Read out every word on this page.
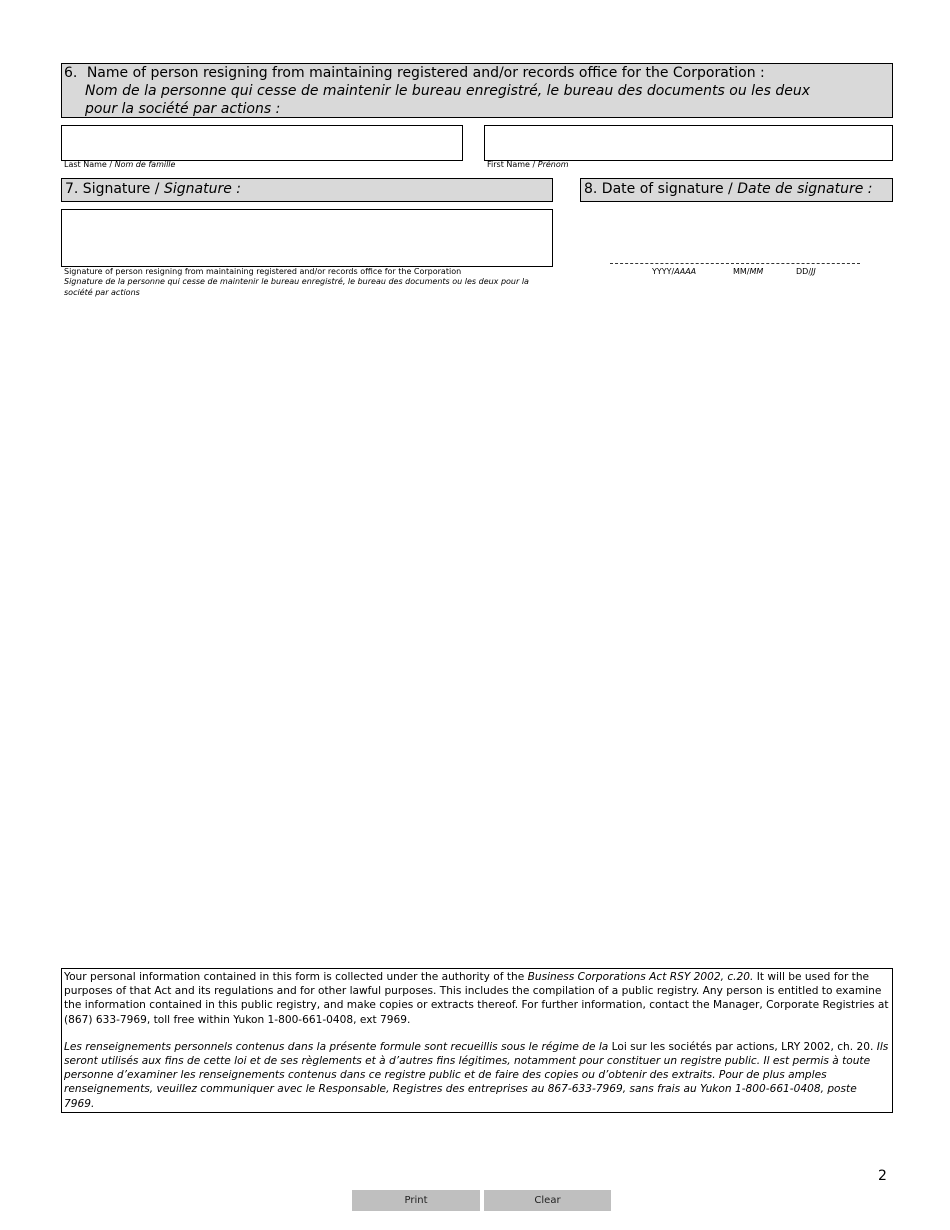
6. Name of person resigning from maintaining registered and/or records office for the Corporation :
Nom de la personne qui cesse de maintenir le bureau enregistré, le bureau des documents ou les deux
pour la société par actions :
Last Name / Nom de famille	First Name / Prénom
7. Signature / Signature :
Signature of person resigning from maintaining registered and/or records office for the Corporation
Signature de la personne qui cesse de maintenir le bureau enregistré, le bureau des documents ou les deux pour la
société par actions
8. Date of signature / Date de signature :
YYYY/AAAA	MM/MM	DD/JJ

Your personal information contained in this form is collected under the authority of the Business Corporations Act RSY 2002, c.20. It will be used for the purposes of that Act and its regulations and for other lawful purposes. This includes the compilation of a public registry. Any person is entitled to examine the information contained in this public registry, and make copies or extracts thereof. For further information, contact the Manager, Corporate Registries at (867) 633-7969, toll free within Yukon 1-800-661-0408, ext 7969.

Les renseignements personnels contenus dans la présente formule sont recueillis sous le régime de la Loi sur les sociétés par actions, LRY 2002, ch. 20. Ils seront utilisés aux fins de cette loi et de ses règlements et à d’autres fins légitimes, notamment pour constituer un registre public. Il est permis à toute personne d’examiner les renseignements contenus dans ce registre public et de faire des copies ou d’obtenir des extraits. Pour de plus amples renseignements, veuillez communiquer avec le Responsable, Registres des entreprises au 867-633-7969, sans frais au Yukon 1-800-661-0408, poste 7969.

2
Print	Clear
